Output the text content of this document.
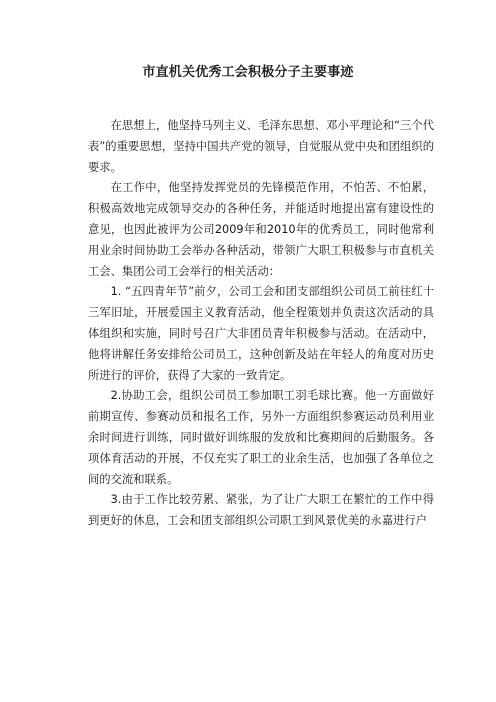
市直机关优秀工会积极分子主要事迹

在思想上，他坚持马列主义、毛泽东思想、邓小平理论和“三个代表”的重要思想，坚持中国共产党的领导，自觉服从党中央和团组织的要求。

在工作中，他坚持发挥党员的先锋模范作用，不怕苦、不怕累，积极高效地完成领导交办的各种任务，并能适时地提出富有建设性的意见，也因此被评为公司2009年和2010年的优秀员工，同时他常利用业余时间协助工会举办各种活动，带领广大职工积极参与市直机关工会、集团公司工会举行的相关活动：

1. “五四青年节”前夕，公司工会和团支部组织公司员工前往红十三军旧址，开展爱国主义教育活动，他全程策划并负责这次活动的具体组织和实施，同时号召广大非团员青年积极参与活动。在活动中，他将讲解任务安排给公司员工，这种创新及站在年轻人的角度对历史所进行的评价，获得了大家的一致肯定。

2.协助工会，组织公司员工参加职工羽毛球比赛。他一方面做好前期宣传、参赛动员和报名工作，另外一方面组织参赛运动员利用业余时间进行训练，同时做好训练服的发放和比赛期间的后勤服务。各项体育活动的开展，不仅充实了职工的业余生活，也加强了各单位之间的交流和联系。

3.由于工作比较劳累、紧张，为了让广大职工在繁忙的工作中得到更好的休息，工会和团支部组织公司职工到风景优美的永嘉进行户
